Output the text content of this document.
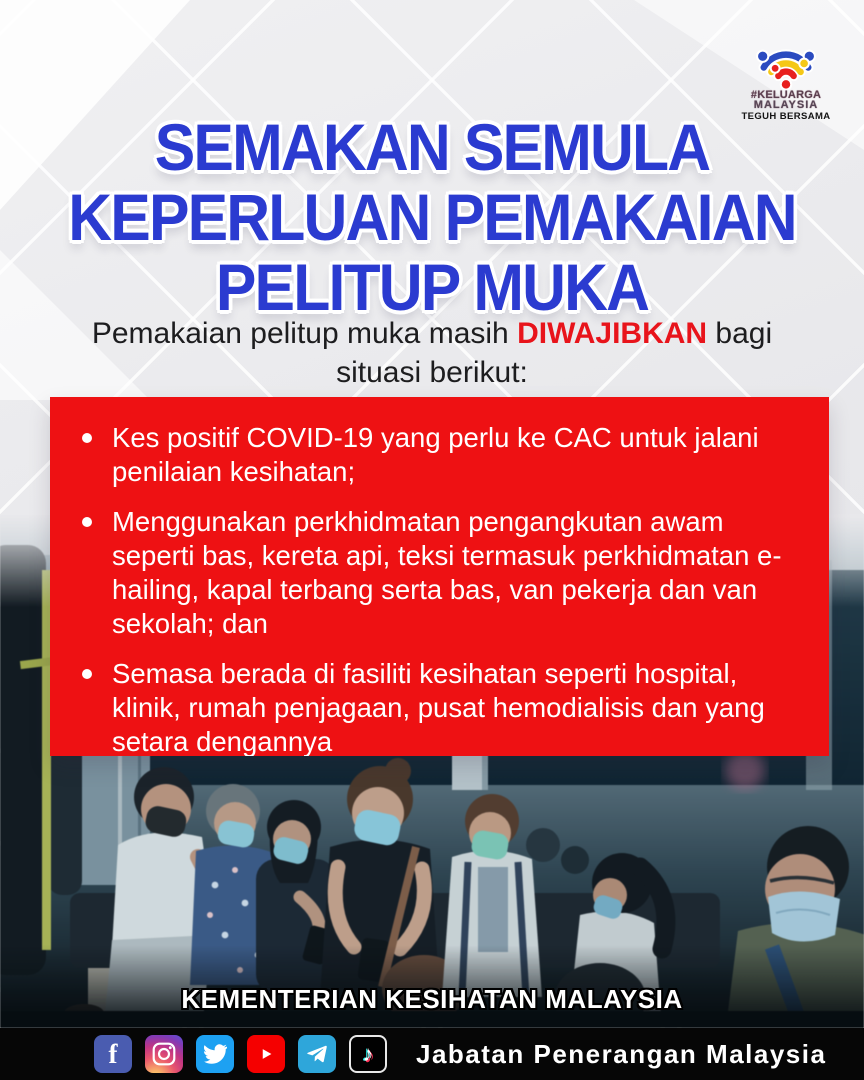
#KELUARGA
MALAYSIA
TEGUH BERSAMA
SEMAKAN SEMULA
KEPERLUAN PEMAKAIAN
PELITUP MUKA
Pemakaian pelitup muka masih DIWAJIBKAN bagi
situasi berikut:
Kes positif COVID-19 yang perlu ke CAC untuk jalani penilaian kesihatan;
Menggunakan perkhidmatan pengangkutan awam seperti bas, kereta api, teksi termasuk perkhidmatan e-hailing, kapal terbang serta bas, van pekerja dan van sekolah; dan
Semasa berada di fasiliti kesihatan seperti hospital, klinik, rumah penjagaan, pusat hemodialisis dan yang setara dengannya
KEMENTERIAN KESIHATAN MALAYSIA
f	♪	Jabatan Penerangan Malaysia
